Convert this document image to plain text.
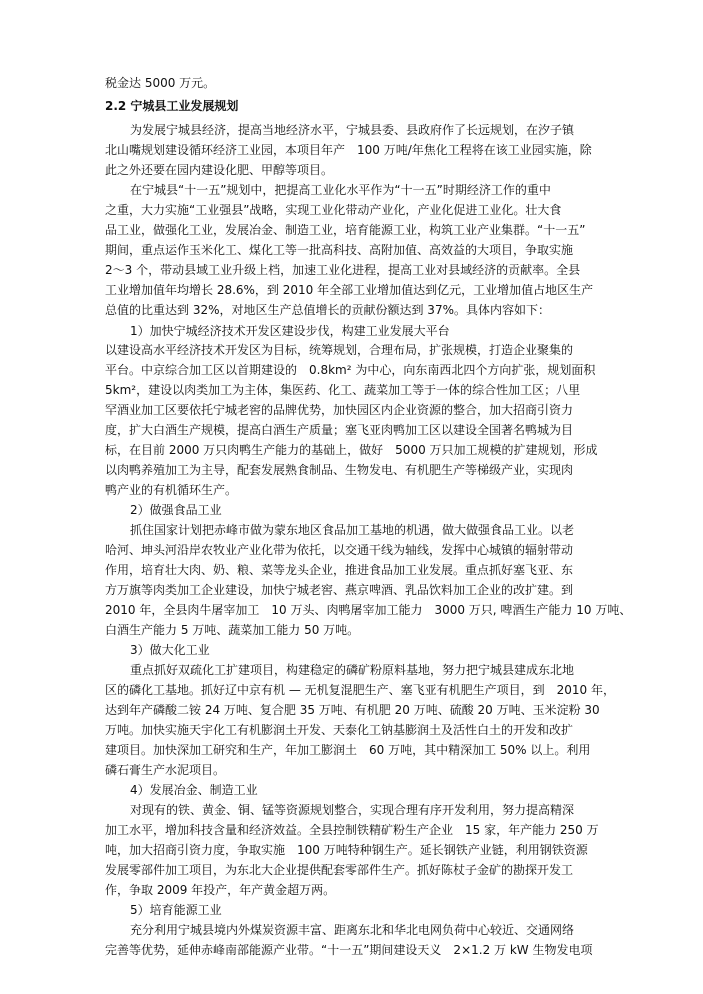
税金达 5000 万元。
2.2 宁城县工业发展规划
为发展宁城县经济，提高当地经济水平，宁城县委、县政府作了长远规划，在汐子镇
北山嘴规划建设循环经济工业园，本项目年产　100 万吨/年焦化工程将在该工业园实施，除
此之外还要在园内建设化肥、甲醇等项目。
在宁城县“十一五”规划中，把提高工业化水平作为“十一五”时期经济工作的重中
之重，大力实施“工业强县”战略，实现工业化带动产业化，产业化促进工业化。壮大食
品工业，做强化工业，发展冶金、制造工业，培育能源工业，构筑工业产业集群。“十一五”
期间，重点运作玉米化工、煤化工等一批高科技、高附加值、高效益的大项目，争取实施
2～3 个，带动县域工业升级上档，加速工业化进程，提高工业对县域经济的贡献率。全县
工业增加值年均增长 28.6%，到 2010 年全部工业增加值达到亿元，工业增加值占地区生产
总值的比重达到 32%，对地区生产总值增长的贡献份额达到 37%。具体内容如下：
1）加快宁城经济技术开发区建设步伐，构建工业发展大平台
以建设高水平经济技术开发区为目标，统筹规划，合理布局，扩张规模，打造企业聚集的
平台。中京综合加工区以首期建设的　0.8km² 为中心，向东南西北四个方向扩张，规划面积
5km²，建设以肉类加工为主体，集医药、化工、蔬菜加工等于一体的综合性加工区；八里
罕酒业加工区要依托宁城老窖的品牌优势，加快园区内企业资源的整合，加大招商引资力
度，扩大白酒生产规模，提高白酒生产质量；塞飞亚肉鸭加工区以建设全国著名鸭城为目
标，在目前 2000 万只肉鸭生产能力的基础上，做好　5000 万只加工规模的扩建规划，形成
以肉鸭养殖加工为主导，配套发展熟食制品、生物发电、有机肥生产等梯级产业，实现肉
鸭产业的有机循环生产。
2）做强食品工业
抓住国家计划把赤峰市做为蒙东地区食品加工基地的机遇，做大做强食品工业。以老
哈河、坤头河沿岸农牧业产业化带为依托，以交通干线为轴线，发挥中心城镇的辐射带动
作用，培育壮大肉、奶、粮、菜等龙头企业，推进食品加工业发展。重点抓好塞飞亚、东
方万旗等肉类加工企业建设，加快宁城老窖、燕京啤酒、乳品饮料加工企业的改扩建。到
2010 年，全县肉牛屠宰加工　10 万头、肉鸭屠宰加工能力　3000 万只, 啤酒生产能力 10 万吨、
白酒生产能力 5 万吨、蔬菜加工能力 50 万吨。
3）做大化工业
重点抓好双疏化工扩建项目，构建稳定的磷矿粉原料基地，努力把宁城县建成东北地
区的磷化工基地。抓好辽中京有机 — 无机复混肥生产、塞飞亚有机肥生产项目，到　2010 年，
达到年产磷酸二铵 24 万吨、复合肥 35 万吨、有机肥 20 万吨、硫酸 20 万吨、玉米淀粉 30
万吨。加快实施天宇化工有机膨润土开发、天泰化工钠基膨润土及活性白土的开发和改扩
建项目。加快深加工研究和生产，年加工膨润土　60 万吨，其中精深加工 50% 以上。利用
磷石膏生产水泥项目。
4）发展冶金、制造工业
对现有的铁、黄金、铜、锰等资源规划整合，实现合理有序开发利用，努力提高精深
加工水平，增加科技含量和经济效益。全县控制铁精矿粉生产企业　15 家，年产能力 250 万
吨，加大招商引资力度，争取实施　100 万吨特种钢生产。延长钢铁产业链，利用钢铁资源
发展零部件加工项目，为东北大企业提供配套零部件生产。抓好陈杖子金矿的勘探开发工
作，争取 2009 年投产，年产黄金超万两。
5）培育能源工业
充分利用宁城县境内外煤炭资源丰富、距离东北和华北电网负荷中心较近、交通网络
完善等优势，延伸赤峰南部能源产业带。“十一五”期间建设天义　2×1.2 万 kW 生物发电项
